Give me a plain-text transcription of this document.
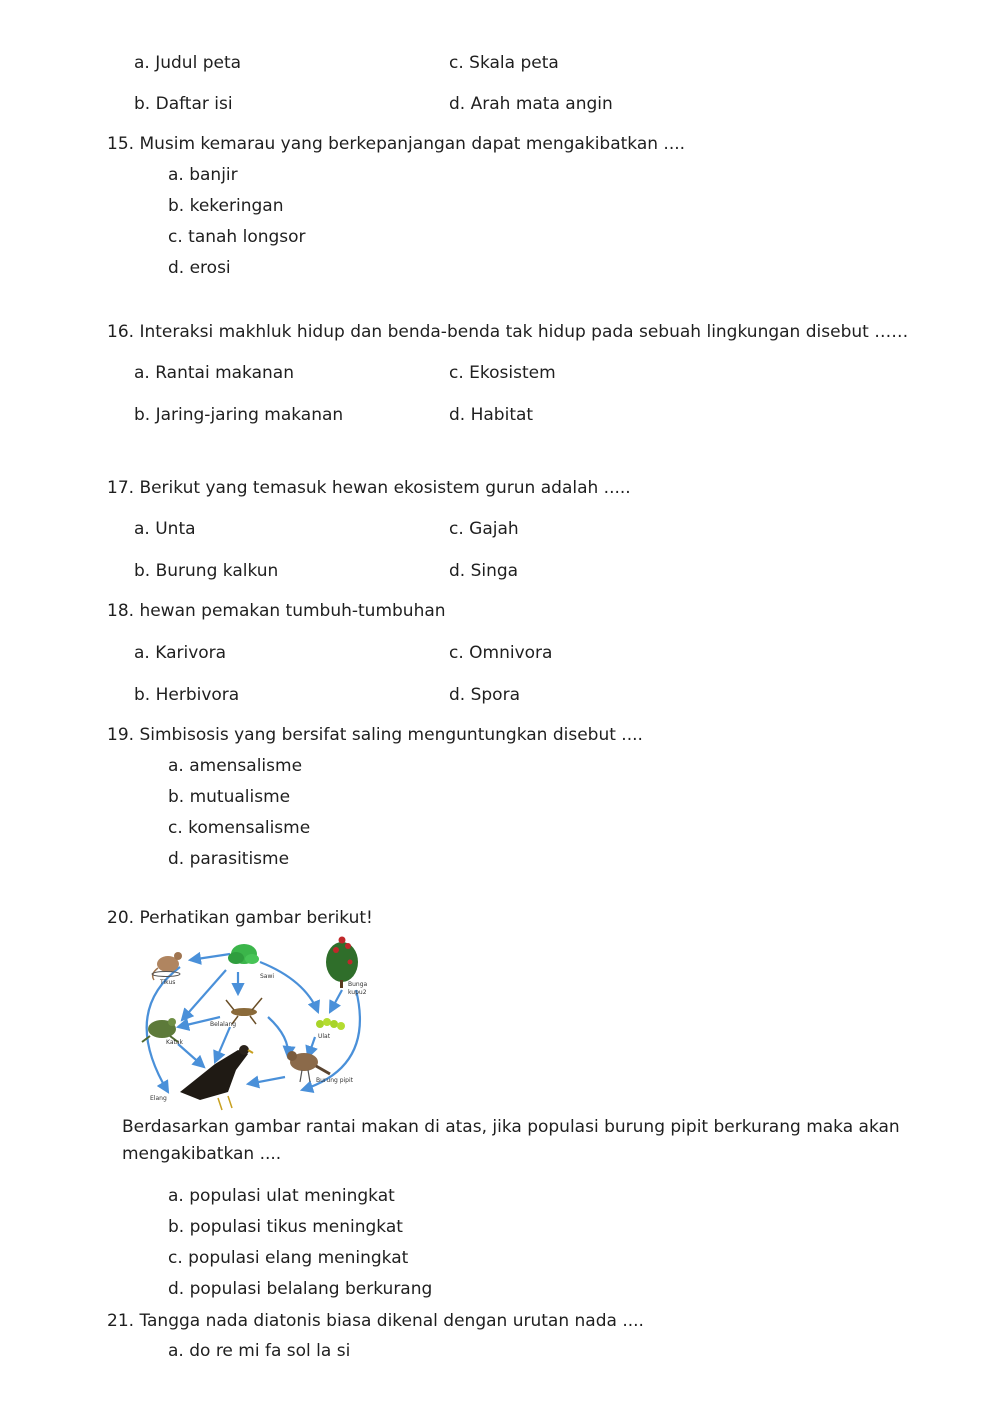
a. Judul peta	c. Skala peta
b. Daftar isi	d. Arah mata angin
15. Musim kemarau yang berkepanjangan dapat mengakibatkan ....
a. banjir
b. kekeringan
c. tanah longsor
d. erosi
16. Interaksi makhluk hidup dan benda-benda tak hidup pada sebuah lingkungan disebut ……
a. Rantai makanan	c. Ekosistem
b. Jaring-jaring makanan	d. Habitat
17. Berikut yang temasuk hewan ekosistem gurun adalah .....
a. Unta	c. Gajah
b. Burung kalkun	d. Singa
18. hewan pemakan tumbuh-tumbuhan
a. Karivora	c. Omnivora
b. Herbivora	d. Spora
19. Simbisosis yang bersifat saling menguntungkan disebut ....
a. amensalisme
b. mutualisme
c. komensalisme
d. parasitisme
20. Perhatikan gambar berikut!
Tikus
Sawi
Bunga
kupu2
Katak
Belalang
Ulat
Elang
Burung pipit
Berdasarkan gambar rantai makan di atas, jika populasi burung pipit berkurang maka akan
mengakibatkan ....
a. populasi ulat meningkat
b. populasi tikus meningkat
c. populasi elang meningkat
d. populasi belalang berkurang
21. Tangga nada diatonis biasa dikenal dengan urutan nada ....
a. do re mi fa sol la si
